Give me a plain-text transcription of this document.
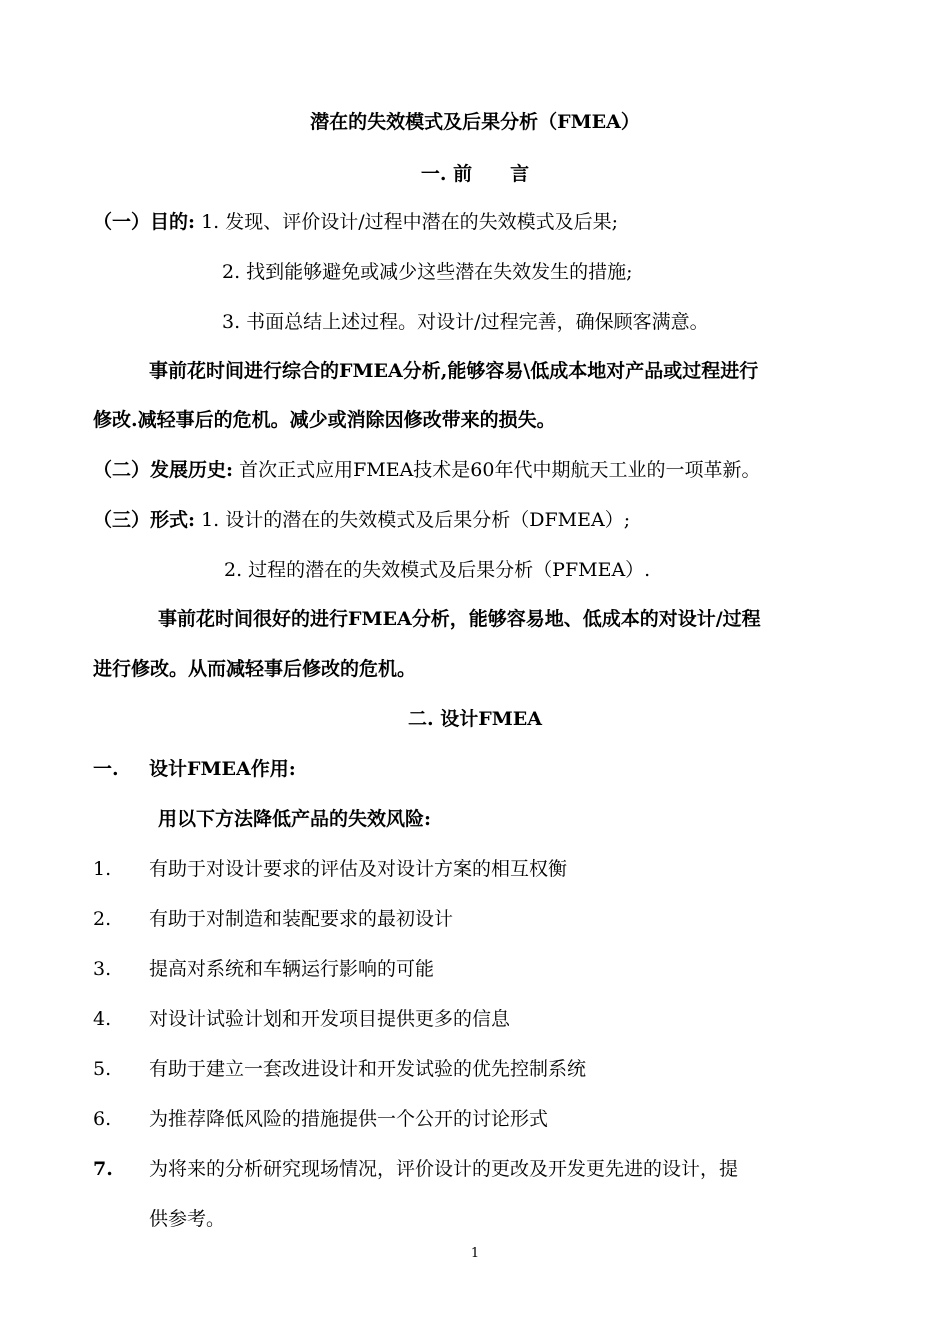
潜在的失效模式及后果分析（FMEA）
一. 前　　言
（一）目的: 1. 发现、评价设计/过程中潜在的失效模式及后果;
2. 找到能够避免或减少这些潜在失效发生的措施;
3. 书面总结上述过程。对设计/过程完善，确保顾客满意。
事前花时间进行综合的FMEA分析,能够容易\低成本地对产品或过程进行
修改.减轻事后的危机。减少或消除因修改带来的损失。
（二）发展历史: 首次正式应用FMEA技术是60年代中期航天工业的一项革新。
（三）形式: 1. 设计的潜在的失效模式及后果分析（DFMEA）;
2. 过程的潜在的失效模式及后果分析（PFMEA）.
事前花时间很好的进行FMEA分析，能够容易地、低成本的对设计/过程
进行修改。从而减轻事后修改的危机。
二. 设计FMEA
一. 设计FMEA作用:
用以下方法降低产品的失效风险:
1. 有助于对设计要求的评估及对设计方案的相互权衡
2. 有助于对制造和装配要求的最初设计
3. 提高对系统和车辆运行影响的可能
4. 对设计试验计划和开发项目提供更多的信息
5. 有助于建立一套改进设计和开发试验的优先控制系统
6. 为推荐降低风险的措施提供一个公开的讨论形式
7. 为将来的分析研究现场情况，评价设计的更改及开发更先进的设计，提
供参考。
1
